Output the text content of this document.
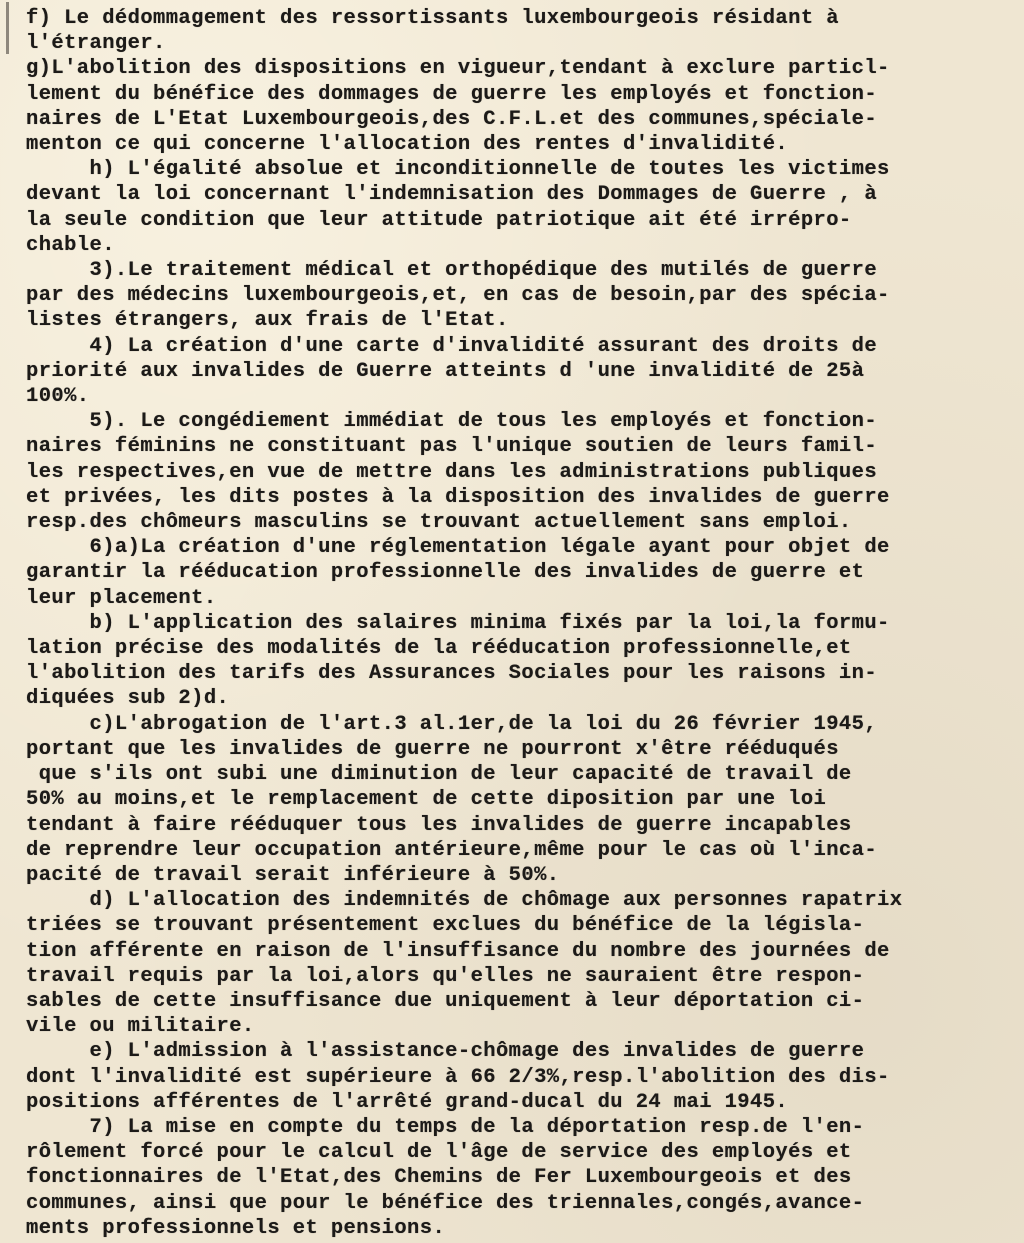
f) Le dédommagement des ressortissants luxembourgeois résidant à
l'étranger.
g)L'abolition des dispositions en vigueur,tendant à exclure particl-
lement du bénéfice des dommages de guerre les employés et fonction-
naires de L'Etat Luxembourgeois,des C.F.L.et des communes,spéciale-
menton ce qui concerne l'allocation des rentes d'invalidité.
h) L'égalité absolue et inconditionnelle de toutes les victimes
devant la loi concernant l'indemnisation des Dommages de Guerre , à
la seule condition que leur attitude patriotique ait été irrépro-
chable.
3).Le traitement médical et orthopédique des mutilés de guerre
par des médecins luxembourgeois,et, en cas de besoin,par des spécia-
listes étrangers, aux frais de l'Etat.
4) La création d'une carte d'invalidité assurant des droits de
priorité aux invalides de Guerre atteints d 'une invalidité de 25à
100%.
5). Le congédiement immédiat de tous les employés et fonction-
naires féminins ne constituant pas l'unique soutien de leurs famil-
les respectives,en vue de mettre dans les administrations publiques
et privées, les dits postes à la disposition des invalides de guerre
resp.des chômeurs masculins se trouvant actuellement sans emploi.
6)a)La création d'une réglementation légale ayant pour objet de
garantir la rééducation professionnelle des invalides de guerre et
leur placement.
b) L'application des salaires minima fixés par la loi,la formu-
lation précise des modalités de la rééducation professionnelle,et
l'abolition des tarifs des Assurances Sociales pour les raisons in-
diquées sub 2)d.
c)L'abrogation de l'art.3 al.1er,de la loi du 26 février 1945,
portant que les invalides de guerre ne pourront x'être rééduqués
que s'ils ont subi une diminution de leur capacité de travail de
50% au moins,et le remplacement de cette diposition par une loi
tendant à faire rééduquer tous les invalides de guerre incapables
de reprendre leur occupation antérieure,même pour le cas où l'inca-
pacité de travail serait inférieure à 50%.
d) L'allocation des indemnités de chômage aux personnes rapatrix
triées se trouvant présentement exclues du bénéfice de la législa-
tion afférente en raison de l'insuffisance du nombre des journées de
travail requis par la loi,alors qu'elles ne sauraient être respon-
sables de cette insuffisance due uniquement à leur déportation ci-
vile ou militaire.
e) L'admission à l'assistance-chômage des invalides de guerre
dont l'invalidité est supérieure à 66 2/3%,resp.l'abolition des dis-
positions afférentes de l'arrêté grand-ducal du 24 mai 1945.
7) La mise en compte du temps de la déportation resp.de l'en-
rôlement forcé pour le calcul de l'âge de service des employés et
fonctionnaires de l'Etat,des Chemins de Fer Luxembourgeois et des
communes, ainsi que pour le bénéfice des triennales,congés,avance-
ments professionnels et pensions.
